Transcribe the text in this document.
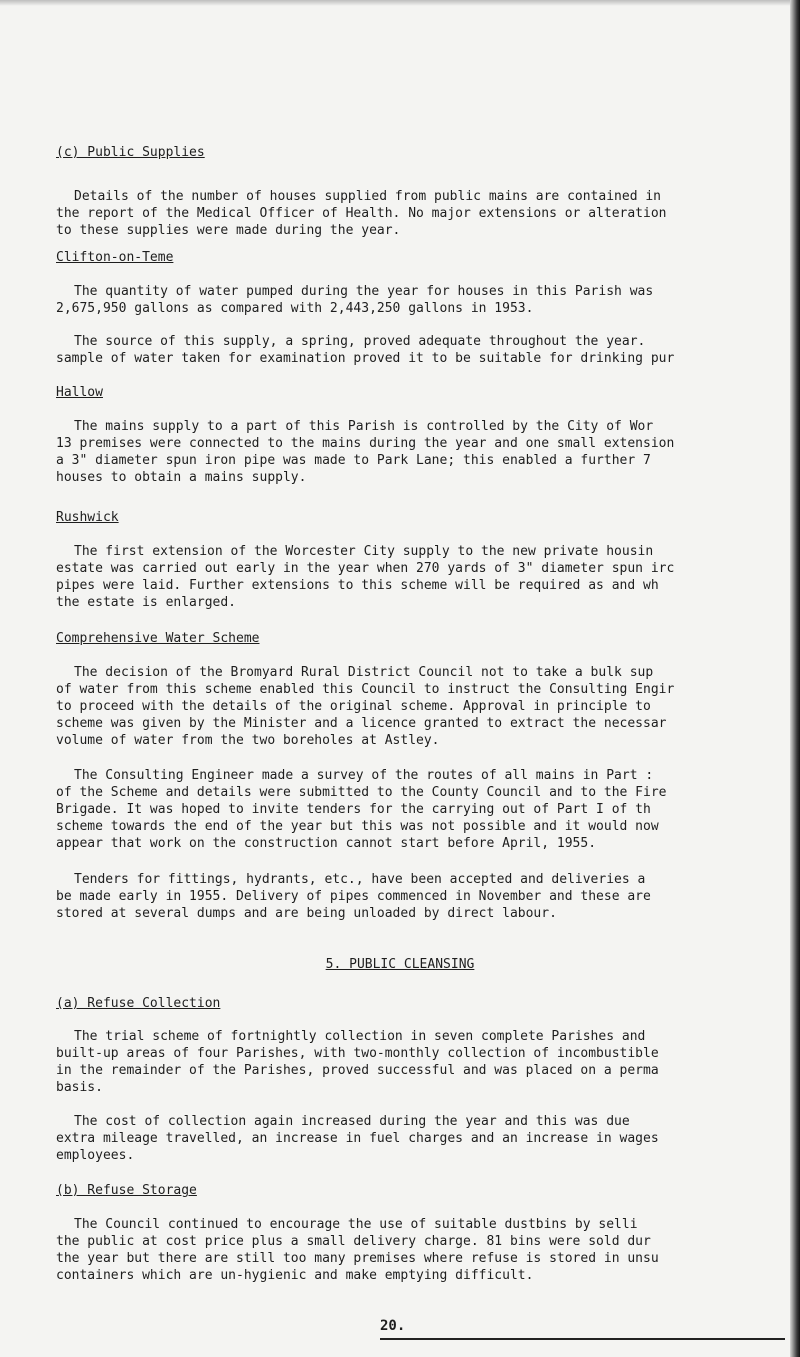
(c) Public Supplies

Details of the number of houses supplied from public mains are contained in

the report of the Medical Officer of Health. No major extensions or alteration

to these supplies were made during the year.

Clifton-on-Teme

The quantity of water pumped during the year for houses in this Parish was

2,675,950 gallons as compared with 2,443,250 gallons in 1953.

The source of this supply, a spring, proved adequate throughout the year.

sample of water taken for examination proved it to be suitable for drinking pur

Hallow

The mains supply to a part of this Parish is controlled by the City of Wor

13 premises were connected to the mains during the year and one small extension

a 3" diameter spun iron pipe was made to Park Lane; this enabled a further 7

houses to obtain a mains supply.

Rushwick

The first extension of the Worcester City supply to the new private housin

estate was carried out early in the year when 270 yards of 3" diameter spun irc

pipes were laid. Further extensions to this scheme will be required as and wh

the estate is enlarged.

Comprehensive Water Scheme

The decision of the Bromyard Rural District Council not to take a bulk sup

of water from this scheme enabled this Council to instruct the Consulting Engir

to proceed with the details of the original scheme. Approval in principle to

scheme was given by the Minister and a licence granted to extract the necessar

volume of water from the two boreholes at Astley.

The Consulting Engineer made a survey of the routes of all mains in Part :

of the Scheme and details were submitted to the County Council and to the Fire

Brigade. It was hoped to invite tenders for the carrying out of Part I of th

scheme towards the end of the year but this was not possible and it would now

appear that work on the construction cannot start before April, 1955.

Tenders for fittings, hydrants, etc., have been accepted and deliveries a

be made early in 1955. Delivery of pipes commenced in November and these are

stored at several dumps and are being unloaded by direct labour.

5. PUBLIC CLEANSING
(a) Refuse Collection

The trial scheme of fortnightly collection in seven complete Parishes and

built-up areas of four Parishes, with two-monthly collection of incombustible

in the remainder of the Parishes, proved successful and was placed on a perma

basis.

The cost of collection again increased during the year and this was due

extra mileage travelled, an increase in fuel charges and an increase in wages

employees.

(b) Refuse Storage

The Council continued to encourage the use of suitable dustbins by selli

the public at cost price plus a small delivery charge. 81 bins were sold dur

the year but there are still too many premises where refuse is stored in unsu

containers which are un-hygienic and make emptying difficult.

20.
